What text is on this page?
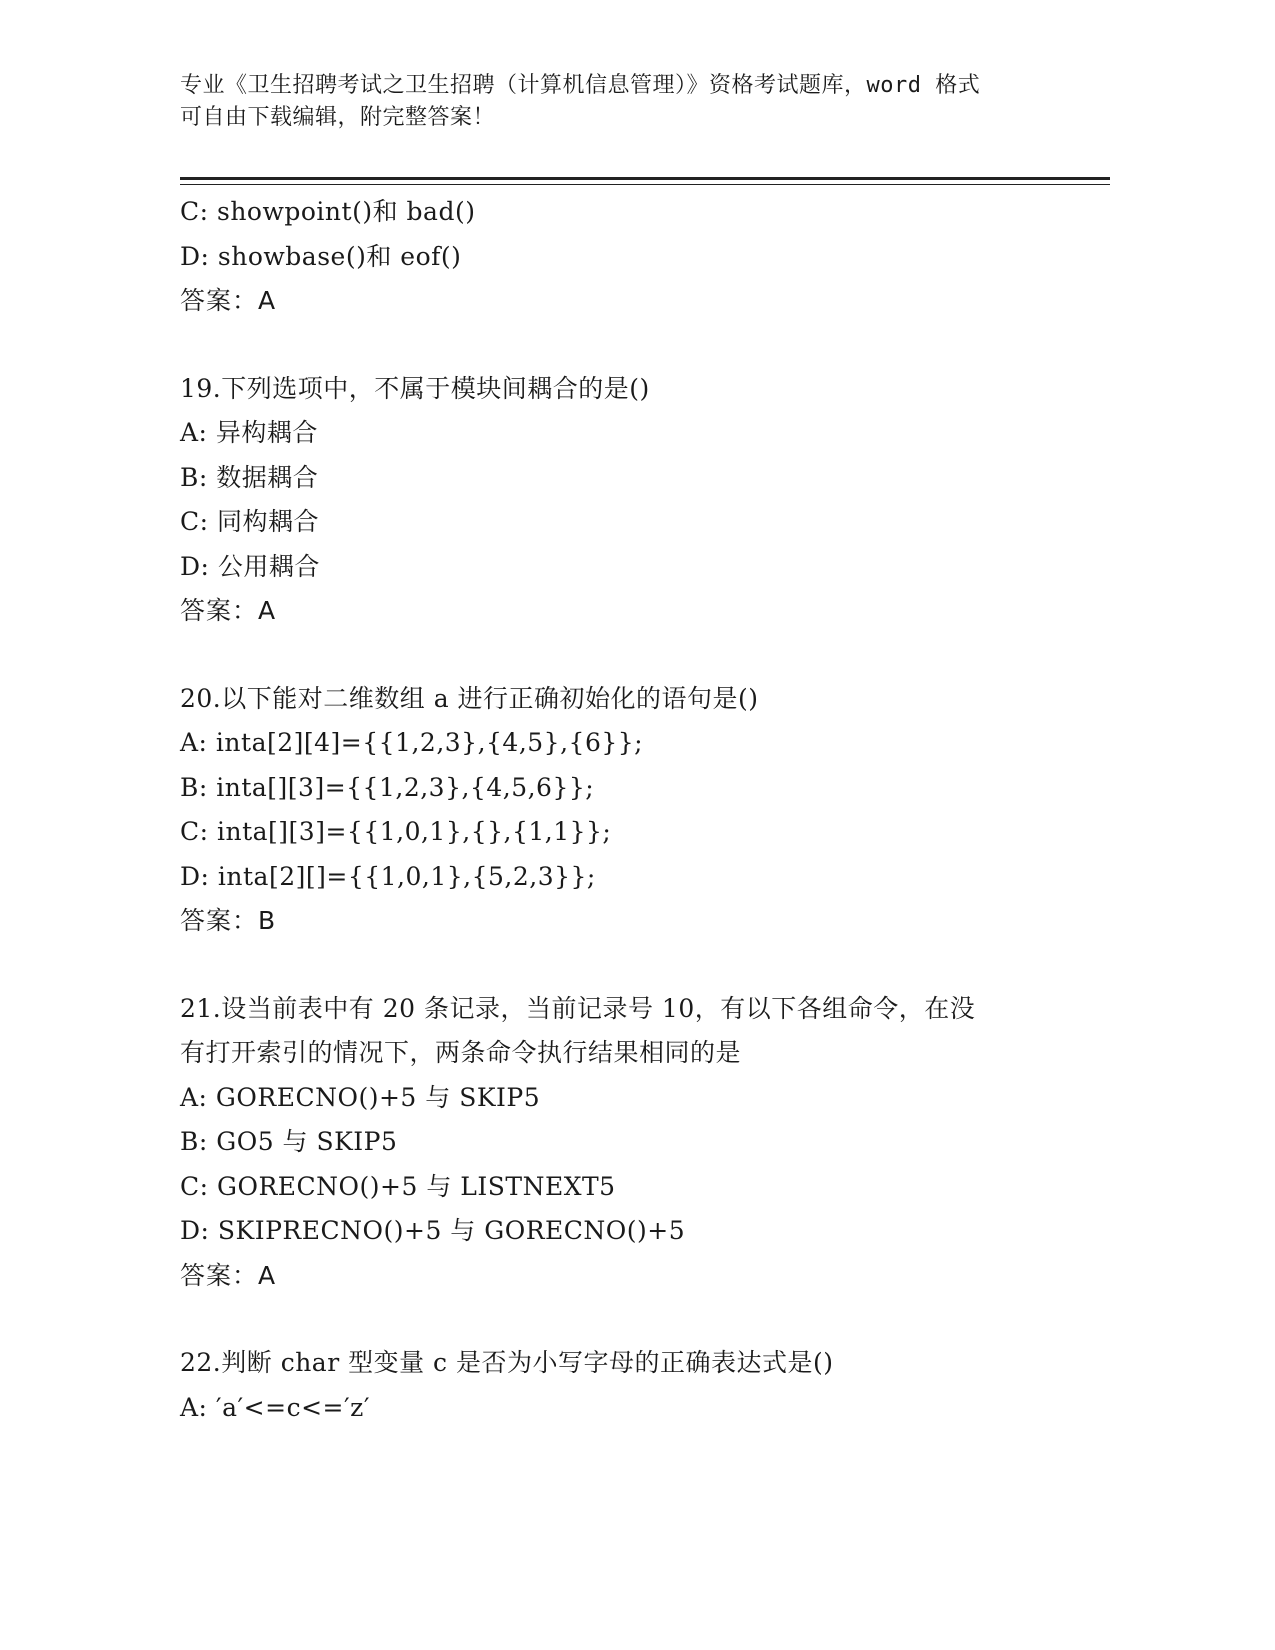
专业《卫生招聘考试之卫生招聘（计算机信息管理）》资格考试题库，word 格式
可自由下载编辑，附完整答案！
C: showpoint()和 bad()
D: showbase()和 eof()
答案：A
19.下列选项中，不属于模块间耦合的是()
A: 异构耦合
B: 数据耦合
C: 同构耦合
D: 公用耦合
答案：A
20.以下能对二维数组 a 进行正确初始化的语句是()
A: inta[2][4]={{1,2,3},{4,5},{6}};
B: inta[][3]={{1,2,3},{4,5,6}};
C: inta[][3]={{1,0,1},{},{1,1}};
D: inta[2][]={{1,0,1},{5,2,3}};
答案：B
21.设当前表中有 20 条记录，当前记录号 10，有以下各组命令，在没
有打开索引的情况下，两条命令执行结果相同的是
A: GORECNO()+5 与 SKIP5
B: GO5 与 SKIP5
C: GORECNO()+5 与 LISTNEXT5
D: SKIPRECNO()+5 与 GORECNO()+5
答案：A
22.判断 char 型变量 c 是否为小写字母的正确表达式是()
A: ′a′<=c<=′z′
